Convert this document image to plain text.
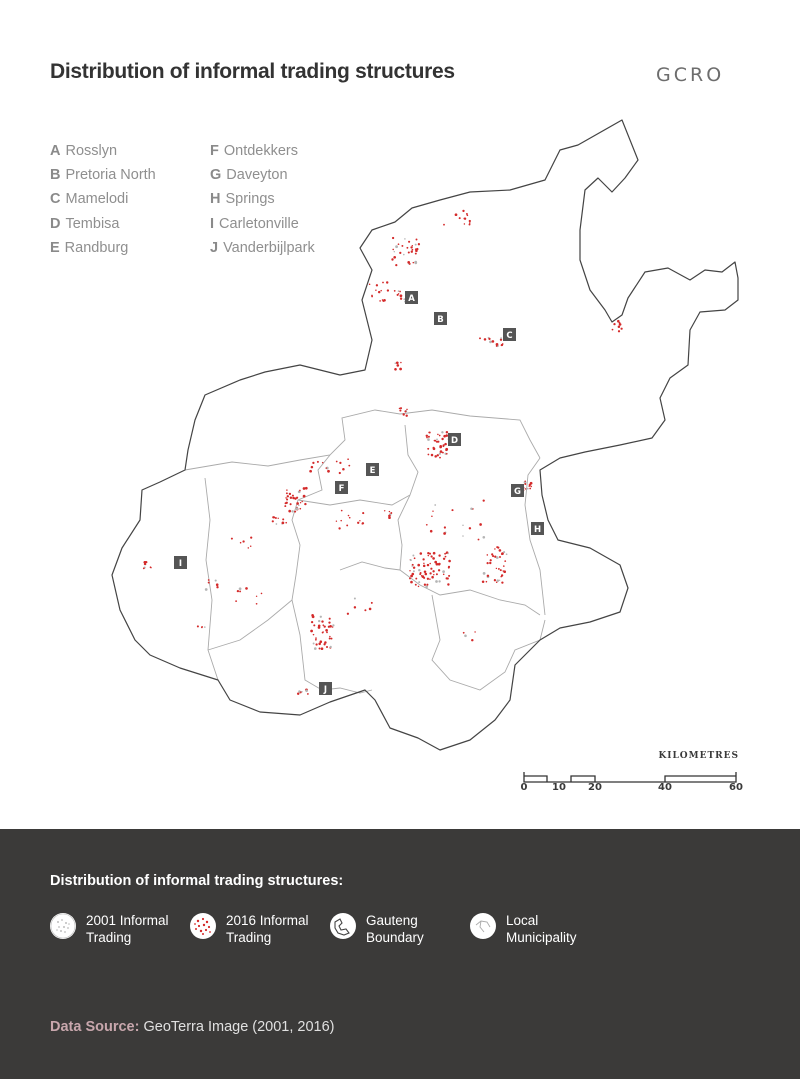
Distribution of informal trading structures	GCRO
A Rosslyn
B Pretoria North
C Mamelodi
D Tembisa
E Randburg
F Ontdekkers
G Daveyton
H Springs
I Carletonville
J Vanderbijlpark
A
B
C
D
E
F	G
H
I
J
KILOMETRES
0 10 20	40	60
Distribution of informal trading structures:
2001 Informal Trading
2016 Informal Trading
Gauteng Boundary
Local Municipality
Data Source: GeoTerra Image (2001, 2016)
